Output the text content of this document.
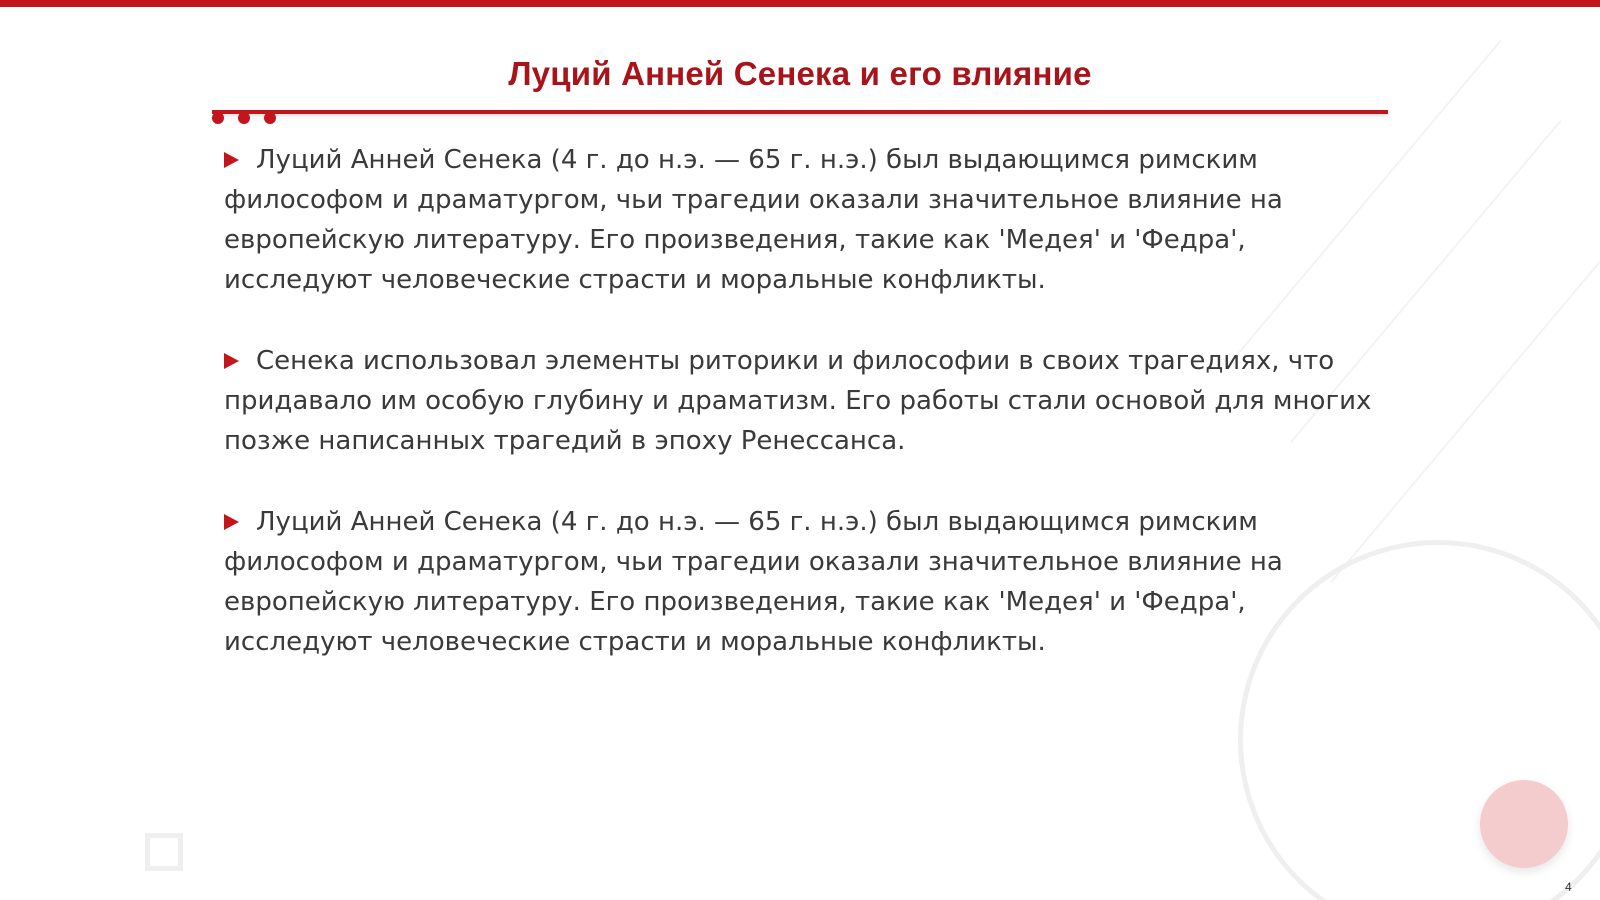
Луций Анней Сенека и его влияние
Луций Анней Сенека (4 г. до н.э. — 65 г. н.э.) был выдающимся римским философом и драматургом, чьи трагедии оказали значительное влияние на европейскую литературу. Его произведения, такие как 'Медея' и 'Федра', исследуют человеческие страсти и моральные конфликты.
Сенека использовал элементы риторики и философии в своих трагедиях, что придавало им особую глубину и драматизм. Его работы стали основой для многих позже написанных трагедий в эпоху Ренессанса.
Луций Анней Сенека (4 г. до н.э. — 65 г. н.э.) был выдающимся римским философом и драматургом, чьи трагедии оказали значительное влияние на европейскую литературу. Его произведения, такие как 'Медея' и 'Федра', исследуют человеческие страсти и моральные конфликты.
4
